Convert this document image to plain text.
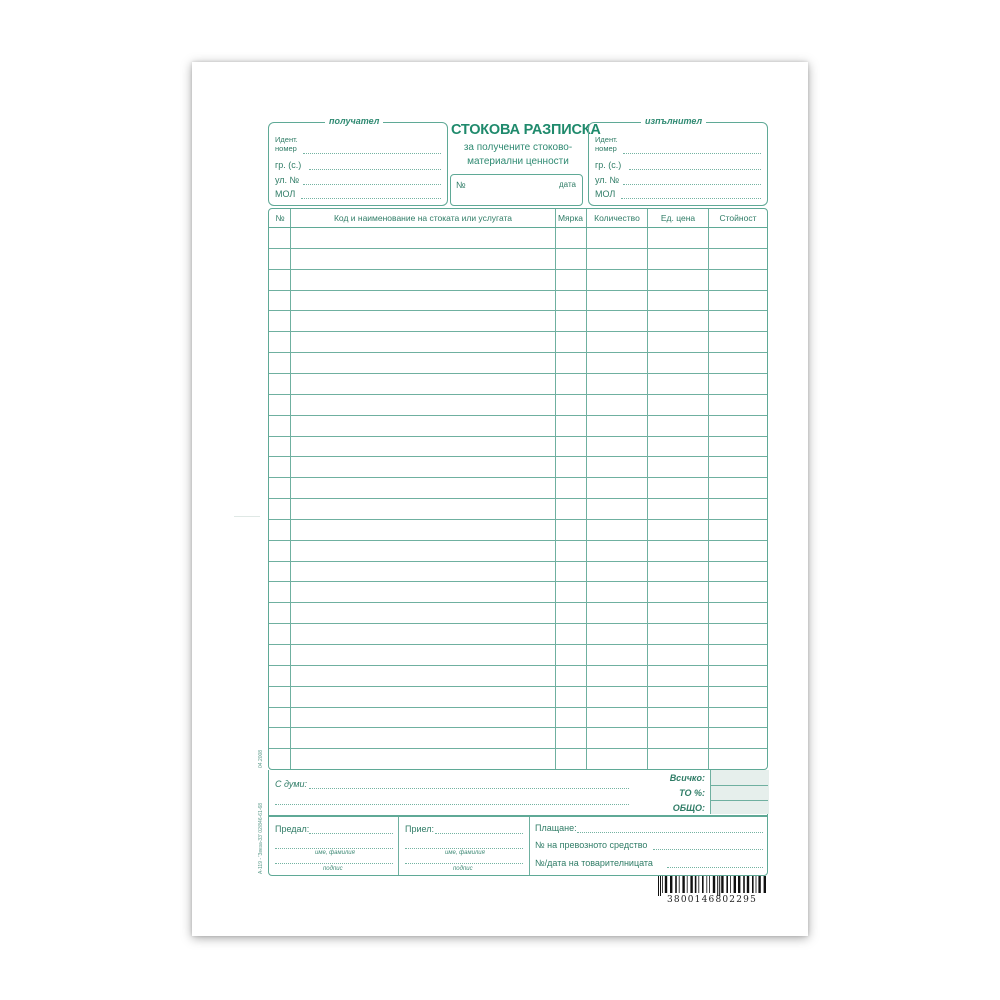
получател
Идент.
номер
гр. (с.)
ул. №
МОЛ
СТОКОВА РАЗПИСКА
за получените стоково-
материални ценности
№	дата
изпълнител
Идент.
номер
гр. (с.)
ул. №
МОЛ
№	Код и наименование на стоката или услугата	Мярка	Количество	Ед. цена	Стойност
С думи:
Всичко:
ТО %:
ОБЩО:
Предал:
име, фамилия
подпис
Приел:
име, фамилия
подпис
Плащане:
№ на превозното средство
№/дата на товарителницата
3800146802295
А-119 - 'Звеза-33' 02/846-61-68
04.2008
